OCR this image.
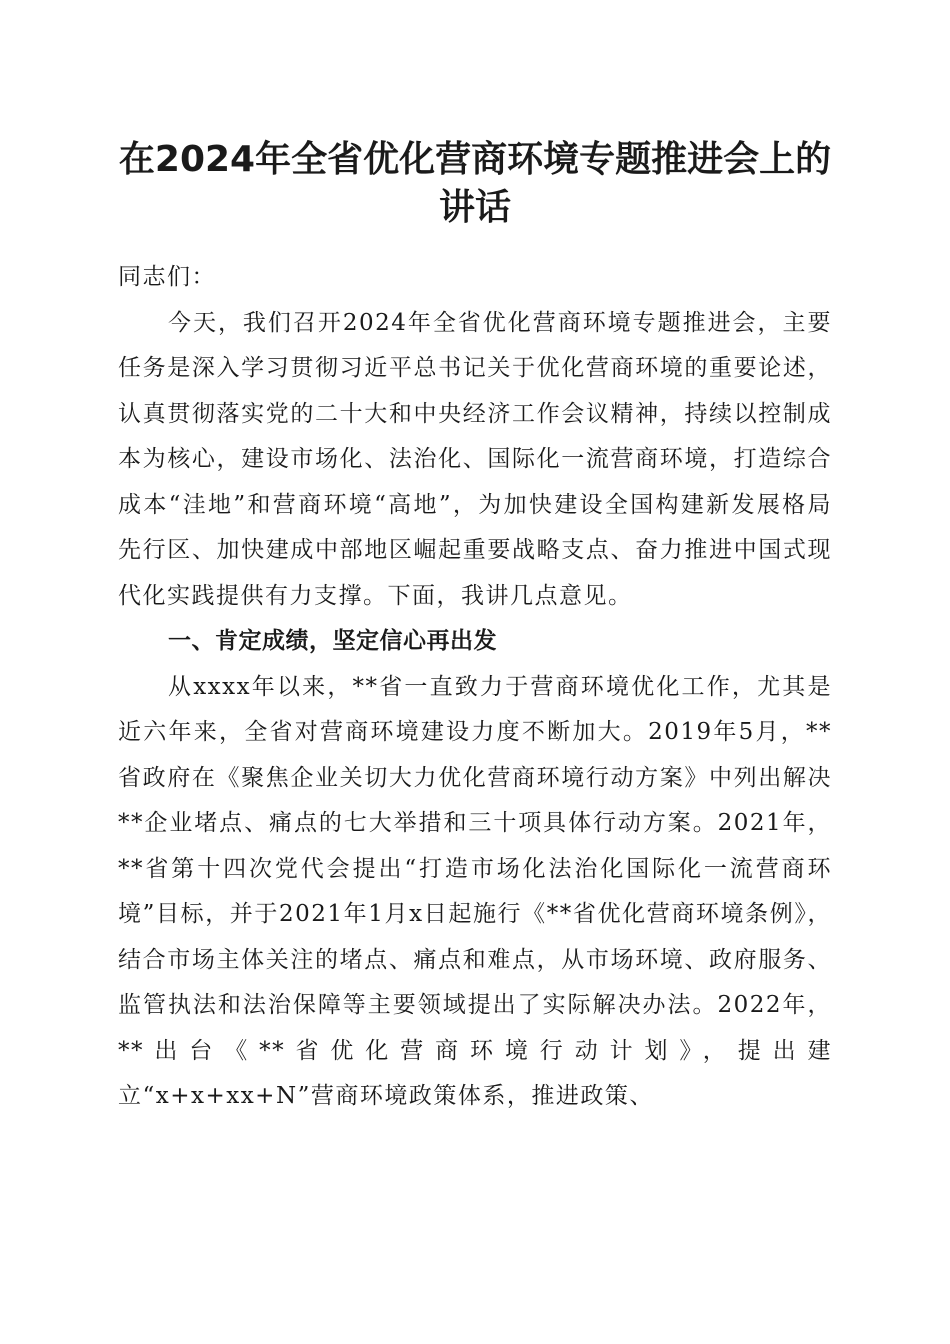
在2024年全省优化营商环境专题推进会上的
讲话

同志们：

今天，我们召开2024年全省优化营商环境专题推进会，主要任务是深入学习贯彻习近平总书记关于优化营商环境的重要论述，认真贯彻落实党的二十大和中央经济工作会议精神，持续以控制成本为核心，建设市场化、法治化、国际化一流营商环境，打造综合成本“洼地”和营商环境“高地”，为加快建设全国构建新发展格局先行区、加快建成中部地区崛起重要战略支点、奋力推进中国式现代化实践提供有力支撑。下面，我讲几点意见。

一、肯定成绩，坚定信心再出发

从xxxx年以来，**省一直致力于营商环境优化工作，尤其是近六年来，全省对营商环境建设力度不断加大。2019年5月，**省政府在《聚焦企业关切大力优化营商环境行动方案》中列出解决**企业堵点、痛点的七大举措和三十项具体行动方案。2021年，**省第十四次党代会提出“打造市场化法治化国际化一流营商环境”目标，并于2021年1月x日起施行《**省优化营商环境条例》，结合市场主体关注的堵点、痛点和难点，从市场环境、政府服务、监管执法和法治保障等主要领域提出了实际解决办法。2022年，**出台《**省优化营商环境行动计划》，提出建立“x+x+xx+N”营商环境政策体系，推进政策、
